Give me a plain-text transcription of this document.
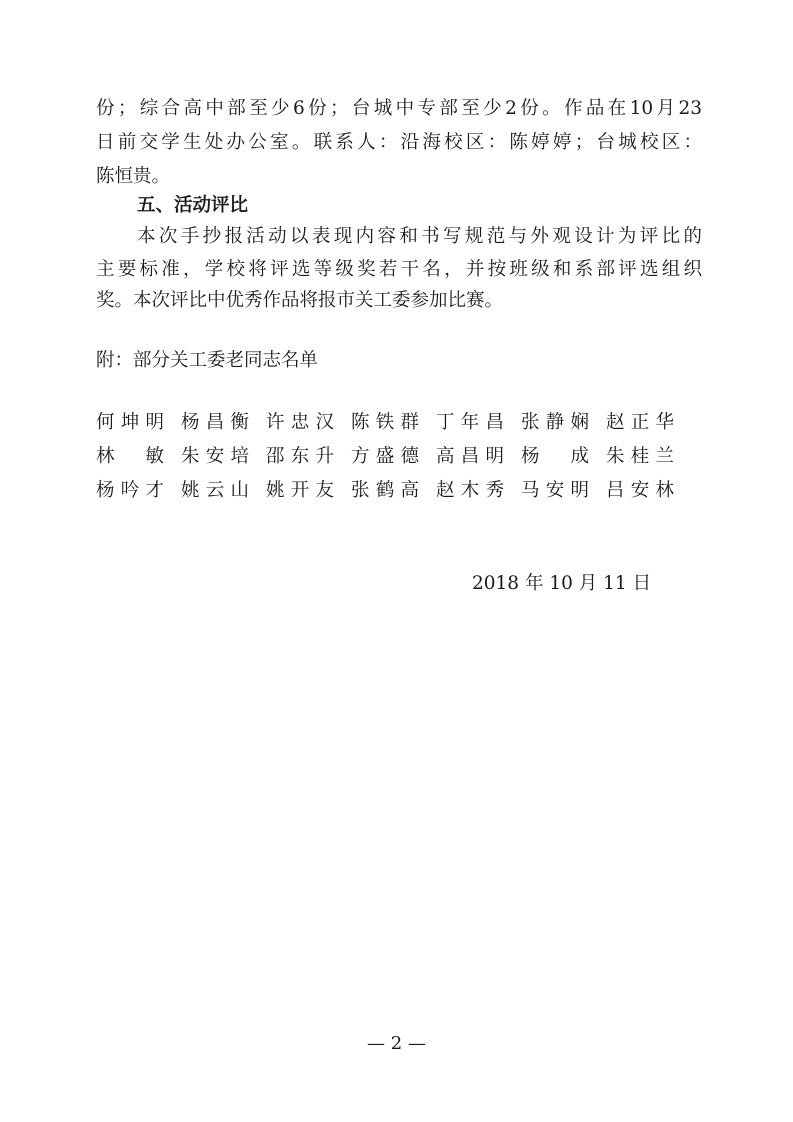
份；综合高中部至少6份；台城中专部至少2份。作品在10月23
日前交学生处办公室。联系人：沿海校区：陈婷婷；台城校区：
陈恒贵。
五、活动评比
本次手抄报活动以表现内容和书写规范与外观设计为评比的
主要标准，学校将评选等级奖若干名，并按班级和系部评选组织
奖。本次评比中优秀作品将报市关工委参加比赛。
附：部分关工委老同志名单
何坤明 杨昌衡 许忠汉 陈铁群 丁年昌 张静娴 赵正华
林　敏 朱安培 邵东升 方盛德 高昌明 杨　成 朱桂兰
杨吟才 姚云山 姚开友 张鹤高 赵木秀 马安明 吕安林
2018 年 10 月 11 日
— 2 —
